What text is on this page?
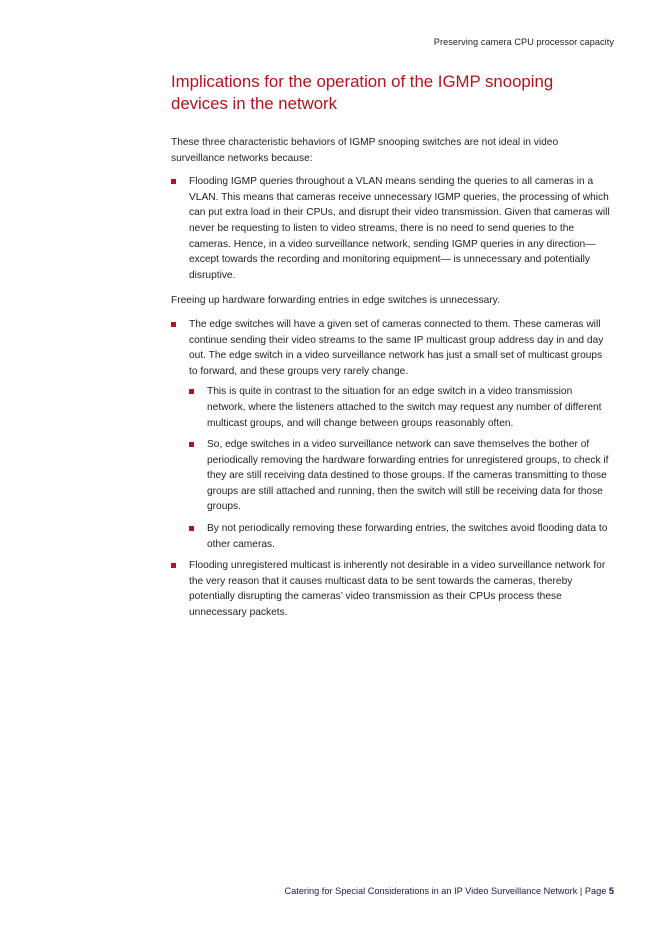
Preserving camera CPU processor capacity
Implications for the operation of the IGMP snooping devices in the network

These three characteristic behaviors of IGMP snooping switches are not ideal in video surveillance networks because:

Flooding IGMP queries throughout a VLAN means sending the queries to all cameras in a VLAN. This means that cameras receive unnecessary IGMP queries, the processing of which can put extra load in their CPUs, and disrupt their video transmission. Given that cameras will never be requesting to listen to video streams, there is no need to send queries to the cameras. Hence, in a video surveillance network, sending IGMP queries in any direction—except towards the recording and monitoring equipment— is unnecessary and potentially disruptive.

Freeing up hardware forwarding entries in edge switches is unnecessary.

The edge switches will have a given set of cameras connected to them. These cameras will continue sending their video streams to the same IP multicast group address day in and day out. The edge switch in a video surveillance network has just a small set of multicast groups to forward, and these groups very rarely change.
This is quite in contrast to the situation for an edge switch in a video transmission network, where the listeners attached to the switch may request any number of different multicast groups, and will change between groups reasonably often.
So, edge switches in a video surveillance network can save themselves the bother of periodically removing the hardware forwarding entries for unregistered groups, to check if they are still receiving data destined to those groups. If the cameras transmitting to those groups are still attached and running, then the switch will still be receiving data for those groups.
By not periodically removing these forwarding entries, the switches avoid flooding data to other cameras.
Flooding unregistered multicast is inherently not desirable in a video surveillance network for the very reason that it causes multicast data to be sent towards the cameras, thereby potentially disrupting the cameras’ video transmission as their CPUs process these unnecessary packets.
Catering for Special Considerations in an IP Video Surveillance Network | Page 5
